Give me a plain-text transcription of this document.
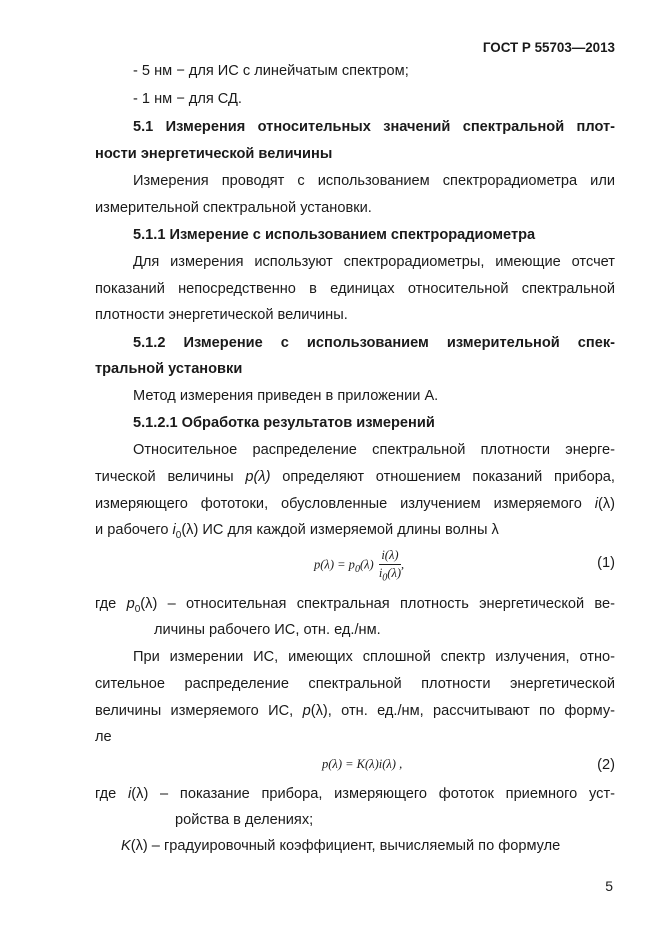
ГОСТ Р 55703—2013
- 5 нм − для ИС с линейчатым спектром;
- 1 нм − для СД.
5.1 Измерения относительных значений спектральной плот-
ности энергетической величины
Измерения проводят с использованием спектрорадиометра или
измерительной спектральной установки.
5.1.1 Измерение с использованием спектрорадиометра
Для измерения используют спектрорадиометры, имеющие отсчет
показаний непосредственно в единицах относительной спектральной
плотности энергетической величины.
5.1.2 Измерение с использованием измерительной спек-
тральной установки
Метод измерения приведен в приложении А.
5.1.2.1 Обработка результатов измерений
Относительное распределение спектральной плотности энерге-
тической величины p(λ) определяют отношением показаний прибора,
измеряющего фототоки, обусловленные излучением измеряемого i(λ)
и рабочего $i_0(\lambda)$ ИС для каждой измеряемой длины волны λ
$p(\lambda) = p_0(\lambda) \frac{i(\lambda)}{i_0(\lambda)}$ ,	(1)
где $p_0(\lambda)$ – относительная спектральная плотность энергетической ве-
личины рабочего ИС, отн. ед./нм.
При измерении ИС, имеющих сплошной спектр излучения, отно-
сительное распределение спектральной плотности энергетической
величины измеряемого ИС, p(λ), отн. ед./нм, рассчитывают по форму-
ле
p(λ) = K(λ)i(λ) ,	(2)
где i(λ) – показание прибора, измеряющего фототок приемного уст-
ройства в делениях;
K(λ) – градуировочный коэффициент, вычисляемый по формуле
5
